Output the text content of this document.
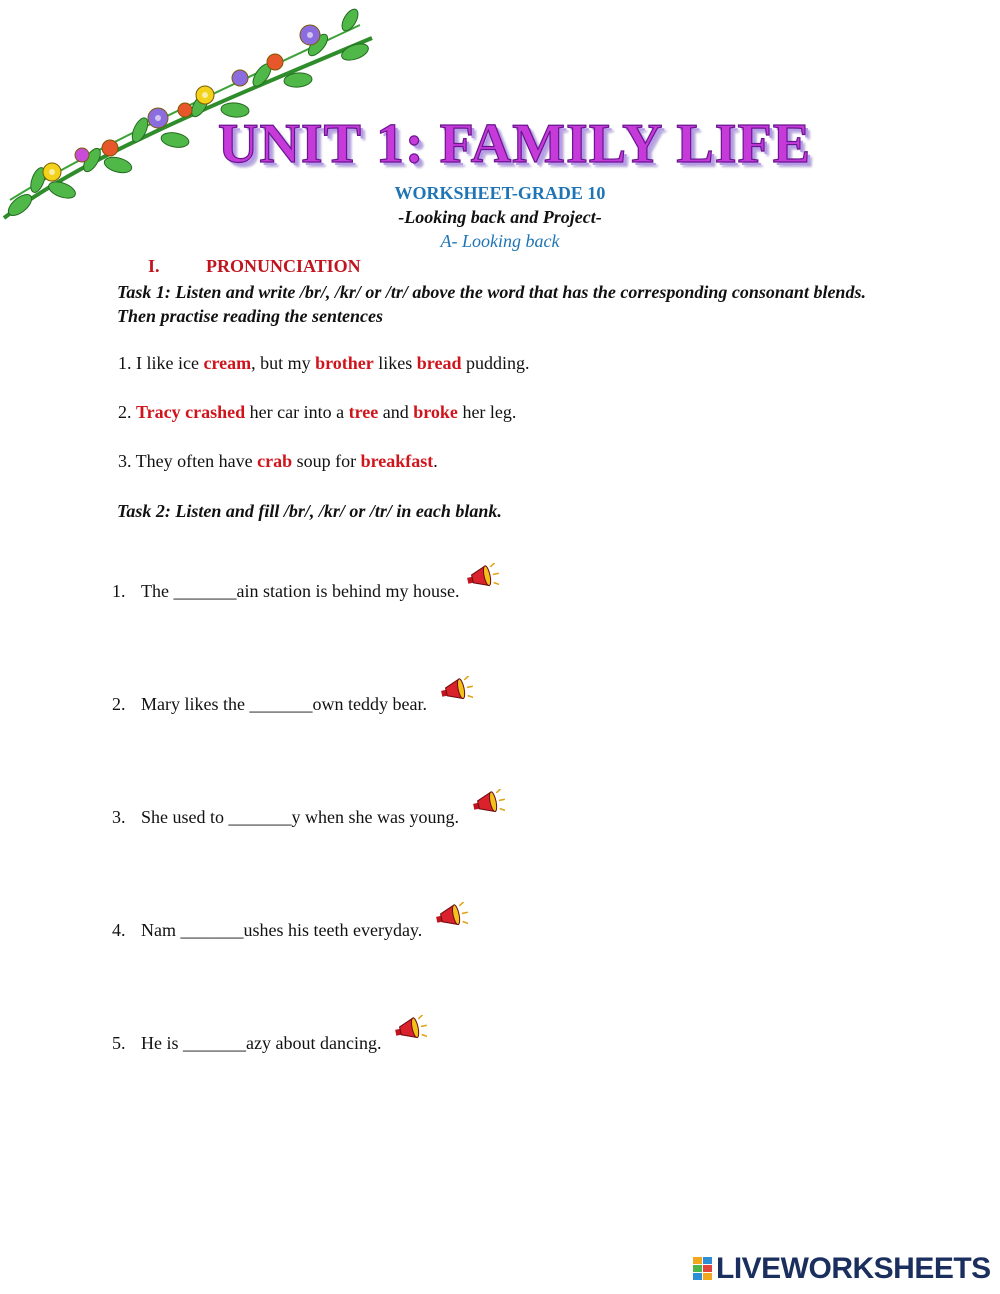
UNIT 1: FAMILY LIFE
WORKSHEET-GRADE 10
-Looking back and Project-
A- Looking back
I.	PRONUNCIATION
Task 1: Listen and write /br/, /kr/ or /tr/ above the word that has the corresponding consonant blends. Then practise reading the sentences
1. I like ice cream, but my brother likes bread pudding.
2. Tracy crashed her car into a tree and broke her leg.
3. They often have crab soup for breakfast.
Task 2: Listen and fill /br/, /kr/ or /tr/ in each blank.
1. The _______ain station is behind my house.
2. Mary likes the _______own teddy bear.
3. She used to _______y when she was young.
4. Nam _______ushes his teeth everyday.
5. He is _______azy about dancing.
LIVEWORKSHEETS
